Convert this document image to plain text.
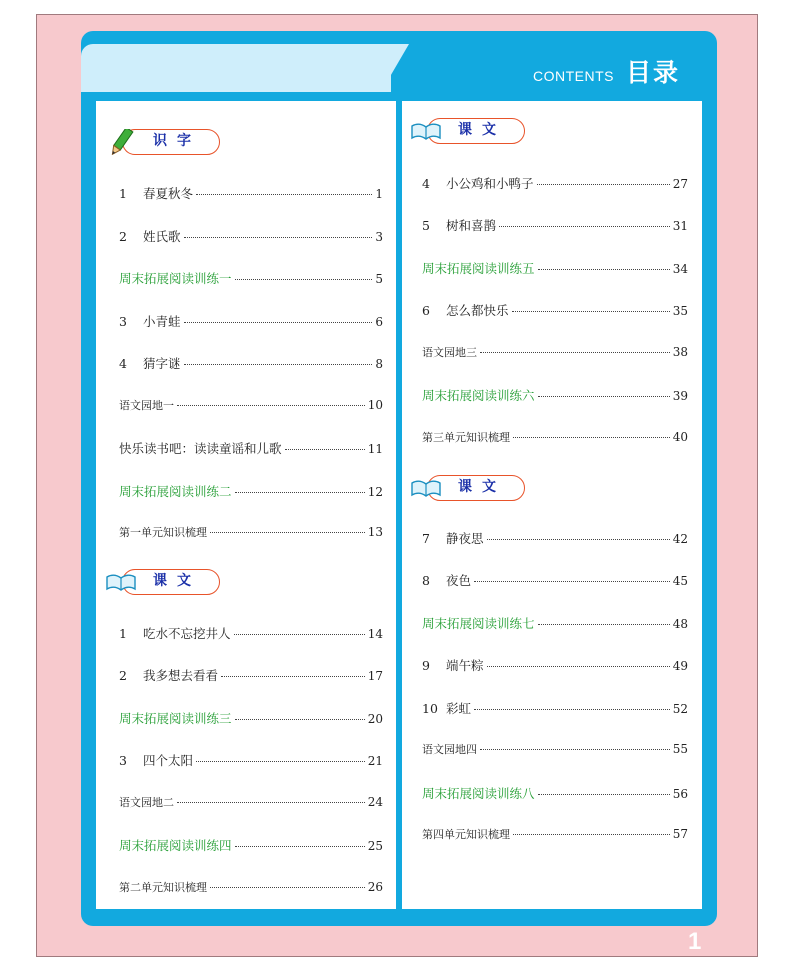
CONTENTS 目录
识字
课文
课文
课文
1	春夏秋冬	1
2	姓氏歌	3
周末拓展阅读训练一	5
3	小青蛙	6
4	猜字谜	8
语文园地一	10
快乐读书吧：读读童谣和儿歌	11
周末拓展阅读训练二	12
第一单元知识梳理	13
1	吃水不忘挖井人	14
2	我多想去看看	17
周末拓展阅读训练三	20
3	四个太阳	21
语文园地二	24
周末拓展阅读训练四	25
第二单元知识梳理	26
4	小公鸡和小鸭子	27
5	树和喜鹊	31
周末拓展阅读训练五	34
6	怎么都快乐	35
语文园地三	38
周末拓展阅读训练六	39
第三单元知识梳理	40
7	静夜思	42
8	夜色	45
周末拓展阅读训练七	48
9	端午粽	49
10 彩虹	52
语文园地四	55
周末拓展阅读训练八	56
第四单元知识梳理	57
1
